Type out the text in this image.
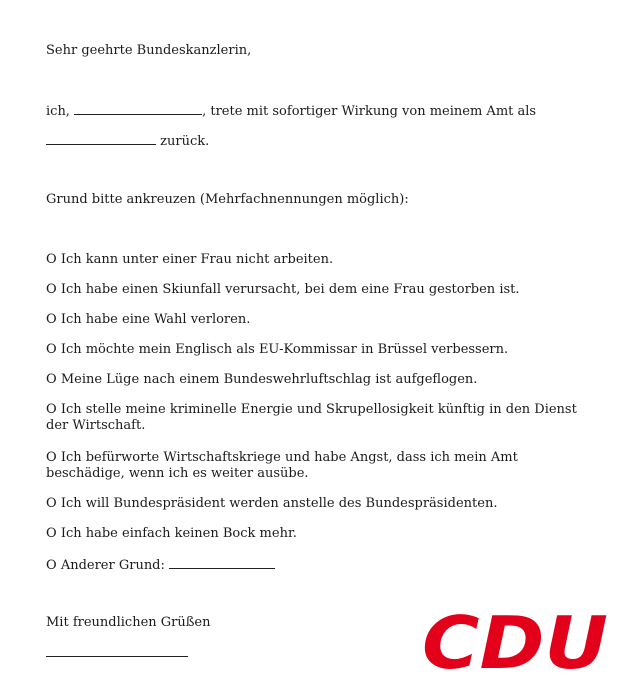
Sehr geehrte Bundeskanzlerin,
ich,	, trete mit sofortiger Wirkung von meinem Amt als
zurück.
Grund bitte ankreuzen (Mehrfachnennungen möglich):
O Ich kann unter einer Frau nicht arbeiten.
O Ich habe einen Skiunfall verursacht, bei dem eine Frau gestorben ist.
O Ich habe eine Wahl verloren.
O Ich möchte mein Englisch als EU-Kommissar in Brüssel verbessern.
O Meine Lüge nach einem Bundeswehrluftschlag ist aufgeflogen.
O Ich stelle meine kriminelle Energie und Skrupellosigkeit künftig in den Dienst der Wirtschaft.
O Ich befürworte Wirtschaftskriege und habe Angst, dass ich mein Amt beschädige, wenn ich es weiter ausübe.
O Ich will Bundespräsident werden anstelle des Bundespräsidenten.
O Ich habe einfach keinen Bock mehr.
O Anderer Grund:
Mit freundlichen Grüßen	CDU
